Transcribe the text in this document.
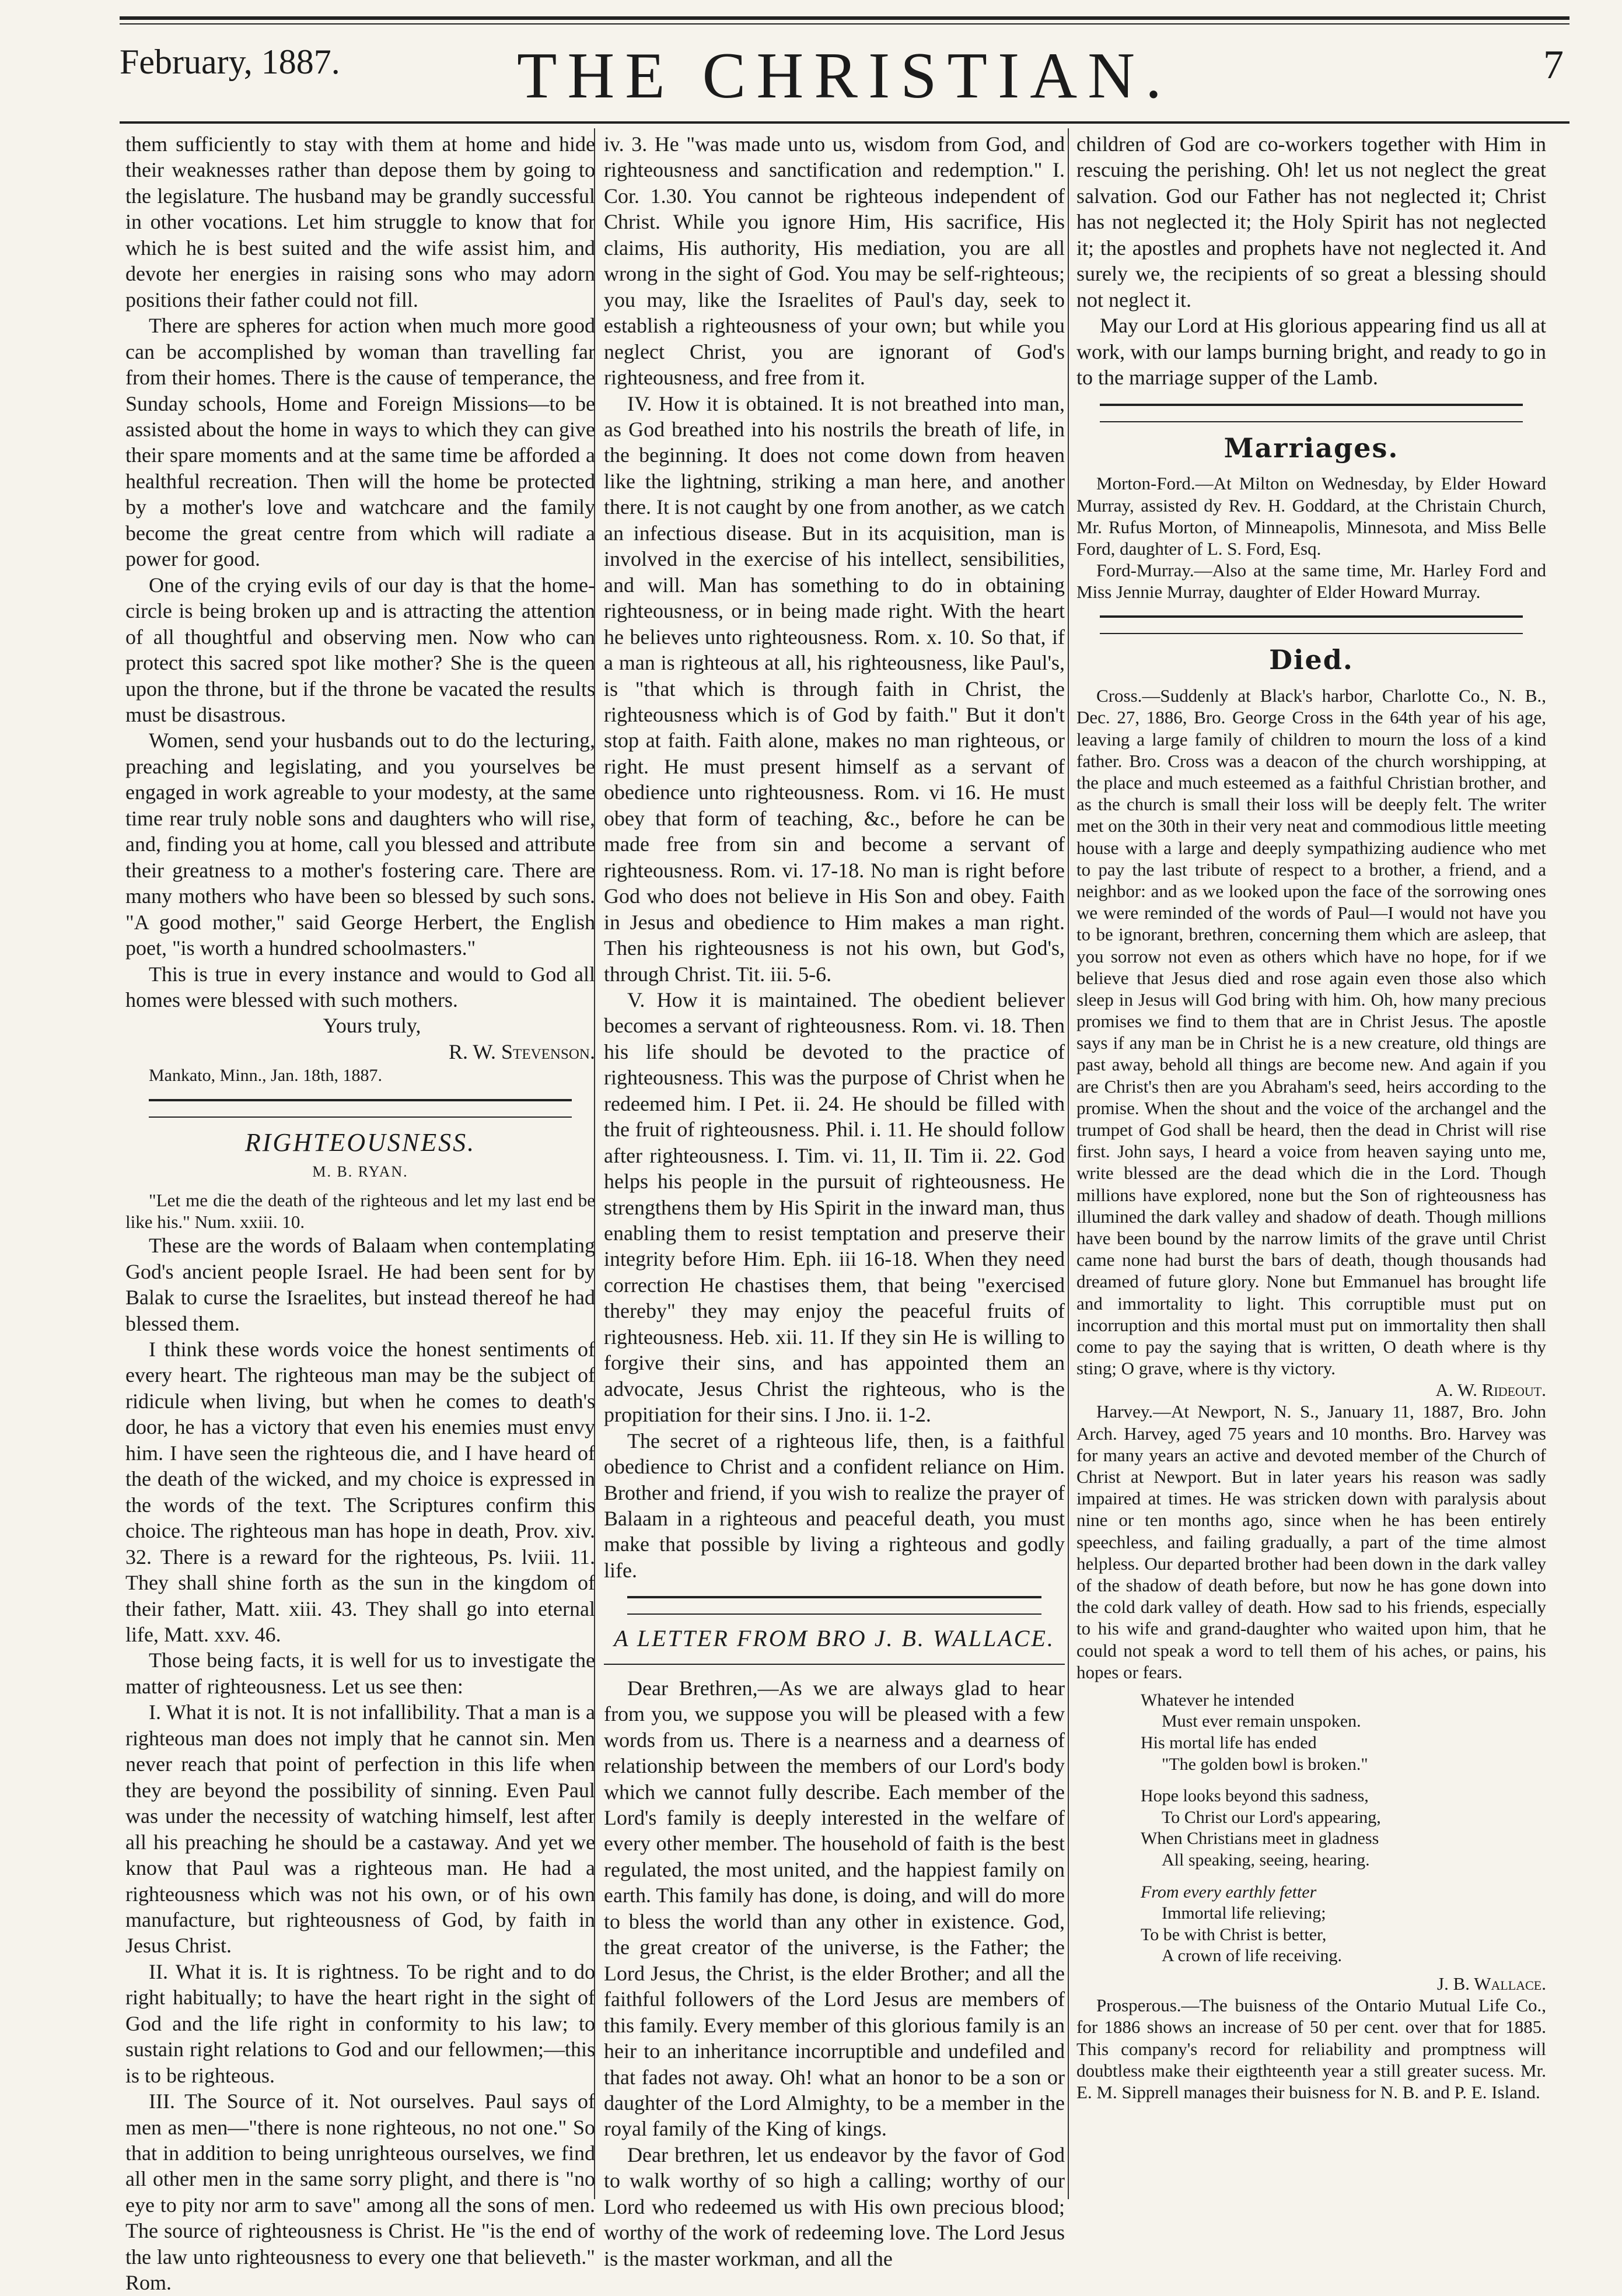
February, 1887.	THE CHRISTIAN.	7

them sufficiently to stay with them at home and hide their weaknesses rather than depose them by going to the legislature. The husband may be grandly successful in other vocations. Let him struggle to know that for which he is best suited and the wife assist him, and devote her energies in raising sons who may adorn positions their father could not fill.

There are spheres for action when much more good can be accomplished by woman than travelling far from their homes. There is the cause of temperance, the Sunday schools, Home and Foreign Missions—to be assisted about the home in ways to which they can give their spare moments and at the same time be afforded a healthful recreation. Then will the home be protected by a mother's love and watchcare and the family become the great centre from which will radiate a power for good.

One of the crying evils of our day is that the home-circle is being broken up and is attracting the attention of all thoughtful and observing men. Now who can protect this sacred spot like mother? She is the queen upon the throne, but if the throne be vacated the results must be disastrous.

Women, send your husbands out to do the lecturing, preaching and legislating, and you yourselves be engaged in work agreable to your modesty, at the same time rear truly noble sons and daughters who will rise, and, finding you at home, call you blessed and attribute their greatness to a mother's fostering care. There are many mothers who have been so blessed by such sons. "A good mother," said George Herbert, the English poet, "is worth a hundred schoolmasters."

This is true in every instance and would to God all homes were blessed with such mothers.

Yours truly,

R. W. Stevenson.

Mankato, Minn., Jan. 18th, 1887.

RIGHTEOUSNESS.
M. B. RYAN.

"Let me die the death of the righteous and let my last end be like his." Num. xxiii. 10.

These are the words of Balaam when contemplating God's ancient people Israel. He had been sent for by Balak to curse the Israelites, but instead thereof he had blessed them.

I think these words voice the honest sentiments of every heart. The righteous man may be the subject of ridicule when living, but when he comes to death's door, he has a victory that even his enemies must envy him. I have seen the righteous die, and I have heard of the death of the wicked, and my choice is expressed in the words of the text. The Scriptures confirm this choice. The righteous man has hope in death, Prov. xiv. 32. There is a reward for the righteous, Ps. lviii. 11. They shall shine forth as the sun in the kingdom of their father, Matt. xiii. 43. They shall go into eternal life, Matt. xxv. 46.

Those being facts, it is well for us to investigate the matter of righteousness. Let us see then:

I. What it is not. It is not infallibility. That a man is a righteous man does not imply that he cannot sin. Men never reach that point of perfection in this life when they are beyond the possibility of sinning. Even Paul was under the necessity of watching himself, lest after all his preaching he should be a castaway. And yet we know that Paul was a righteous man. He had a righteousness which was not his own, or of his own manufacture, but righteousness of God, by faith in Jesus Christ.

II. What it is. It is rightness. To be right and to do right habitually; to have the heart right in the sight of God and the life right in conformity to his law; to sustain right relations to God and our fellowmen;—this is to be righteous.

III. The Source of it. Not ourselves. Paul says of men as men—"there is none righteous, no not one." So that in addition to being unrighteous ourselves, we find all other men in the same sorry plight, and there is "no eye to pity nor arm to save" among all the sons of men. The source of righteousness is Christ. He "is the end of the law unto righteousness to every one that believeth." Rom.

iv. 3. He "was made unto us, wisdom from God, and righteousness and sanctification and redemption." I. Cor. 1.30. You cannot be righteous independent of Christ. While you ignore Him, His sacrifice, His claims, His authority, His mediation, you are all wrong in the sight of God. You may be self-righteous; you may, like the Israelites of Paul's day, seek to establish a righteousness of your own; but while you neglect Christ, you are ignorant of God's righteousness, and free from it.

IV. How it is obtained. It is not breathed into man, as God breathed into his nostrils the breath of life, in the beginning. It does not come down from heaven like the lightning, striking a man here, and another there. It is not caught by one from another, as we catch an infectious disease. But in its acquisition, man is involved in the exercise of his intellect, sensibilities, and will. Man has something to do in obtaining righteousness, or in being made right. With the heart he believes unto righteousness. Rom. x. 10. So that, if a man is righteous at all, his righteousness, like Paul's, is "that which is through faith in Christ, the righteousness which is of God by faith." But it don't stop at faith. Faith alone, makes no man righteous, or right. He must present himself as a servant of obedience unto righteousness. Rom. vi 16. He must obey that form of teaching, &c., before he can be made free from sin and become a servant of righteousness. Rom. vi. 17-18. No man is right before God who does not believe in His Son and obey. Faith in Jesus and obedience to Him makes a man right. Then his righteousness is not his own, but God's, through Christ. Tit. iii. 5-6.

V. How it is maintained. The obedient believer becomes a servant of righteousness. Rom. vi. 18. Then his life should be devoted to the practice of righteousness. This was the purpose of Christ when he redeemed him. I Pet. ii. 24. He should be filled with the fruit of righteousness. Phil. i. 11. He should follow after righteousness. I. Tim. vi. 11, II. Tim ii. 22. God helps his people in the pursuit of righteousness. He strengthens them by His Spirit in the inward man, thus enabling them to resist temptation and preserve their integrity before Him. Eph. iii 16-18. When they need correction He chastises them, that being "exercised thereby" they may enjoy the peaceful fruits of righteousness. Heb. xii. 11. If they sin He is willing to forgive their sins, and has appointed them an advocate, Jesus Christ the righteous, who is the propitiation for their sins. I Jno. ii. 1-2.

The secret of a righteous life, then, is a faithful obedience to Christ and a confident reliance on Him. Brother and friend, if you wish to realize the prayer of Balaam in a righteous and peaceful death, you must make that possible by living a righteous and godly life.

A LETTER FROM BRO J. B. WALLACE.

Dear Brethren,—As we are always glad to hear from you, we suppose you will be pleased with a few words from us. There is a nearness and a dearness of relationship between the members of our Lord's body which we cannot fully describe. Each member of the Lord's family is deeply interested in the welfare of every other member. The household of faith is the best regulated, the most united, and the happiest family on earth. This family has done, is doing, and will do more to bless the world than any other in existence. God, the great creator of the universe, is the Father; the Lord Jesus, the Christ, is the elder Brother; and all the faithful followers of the Lord Jesus are members of this family. Every member of this glorious family is an heir to an inheritance incorruptible and undefiled and that fades not away. Oh! what an honor to be a son or daughter of the Lord Almighty, to be a member in the royal family of the King of kings.

Dear brethren, let us endeavor by the favor of God to walk worthy of so high a calling; worthy of our Lord who redeemed us with His own precious blood; worthy of the work of redeeming love. The Lord Jesus is the master workman, and all the

children of God are co-workers together with Him in rescuing the perishing. Oh! let us not neglect the great salvation. God our Father has not neglected it; Christ has not neglected it; the Holy Spirit has not neglected it; the apostles and prophets have not neglected it. And surely we, the recipients of so great a blessing should not neglect it.

May our Lord at His glorious appearing find us all at work, with our lamps burning bright, and ready to go in to the marriage supper of the Lamb.

Marriages.

Morton-Ford.—At Milton on Wednesday, by Elder Howard Murray, assisted dy Rev. H. Goddard, at the Christain Church, Mr. Rufus Morton, of Minneapolis, Minnesota, and Miss Belle Ford, daughter of L. S. Ford, Esq.

Ford-Murray.—Also at the same time, Mr. Harley Ford and Miss Jennie Murray, daughter of Elder Howard Murray.

Died.

Cross.—Suddenly at Black's harbor, Charlotte Co., N. B., Dec. 27, 1886, Bro. George Cross in the 64th year of his age, leaving a large family of children to mourn the loss of a kind father. Bro. Cross was a deacon of the church worshipping, at the place and much esteemed as a faithful Christian brother, and as the church is small their loss will be deeply felt. The writer met on the 30th in their very neat and commodious little meeting house with a large and deeply sympathizing audience who met to pay the last tribute of respect to a brother, a friend, and a neighbor: and as we looked upon the face of the sorrowing ones we were reminded of the words of Paul—I would not have you to be ignorant, brethren, concerning them which are asleep, that you sorrow not even as others which have no hope, for if we believe that Jesus died and rose again even those also which sleep in Jesus will God bring with him. Oh, how many precious promises we find to them that are in Christ Jesus. The apostle says if any man be in Christ he is a new creature, old things are past away, behold all things are become new. And again if you are Christ's then are you Abraham's seed, heirs according to the promise. When the shout and the voice of the archangel and the trumpet of God shall be heard, then the dead in Christ will rise first. John says, I heard a voice from heaven saying unto me, write blessed are the dead which die in the Lord. Though millions have explored, none but the Son of righteousness has illumined the dark valley and shadow of death. Though millions have been bound by the narrow limits of the grave until Christ came none had burst the bars of death, though thousands had dreamed of future glory. None but Emmanuel has brought life and immortality to light. This corruptible must put on incorruption and this mortal must put on immortality then shall come to pay the saying that is written, O death where is thy sting; O grave, where is thy victory.

A. W. Rideout.

Harvey.—At Newport, N. S., January 11, 1887, Bro. John Arch. Harvey, aged 75 years and 10 months. Bro. Harvey was for many years an active and devoted member of the Church of Christ at Newport. But in later years his reason was sadly impaired at times. He was stricken down with paralysis about nine or ten months ago, since when he has been entirely speechless, and failing gradually, a part of the time almost helpless. Our departed brother had been down in the dark valley of the shadow of death before, but now he has gone down into the cold dark valley of death. How sad to his friends, especially to his wife and grand-daughter who waited upon him, that he could not speak a word to tell them of his aches, or pains, his hopes or fears.

Whatever he intended
Must ever remain unspoken.
His mortal life has ended
"The golden bowl is broken."
Hope looks beyond this sadness,
To Christ our Lord's appearing,
When Christians meet in gladness
All speaking, seeing, hearing.
From every earthly fetter
Immortal life relieving;
To be with Christ is better,
A crown of life receiving.

J. B. Wallace.

Prosperous.—The buisness of the Ontario Mutual Life Co., for 1886 shows an increase of 50 per cent. over that for 1885. This company's record for reliability and promptness will doubtless make their eigthteenth year a still greater sucess. Mr. E. M. Sipprell manages their buisness for N. B. and P. E. Island.
